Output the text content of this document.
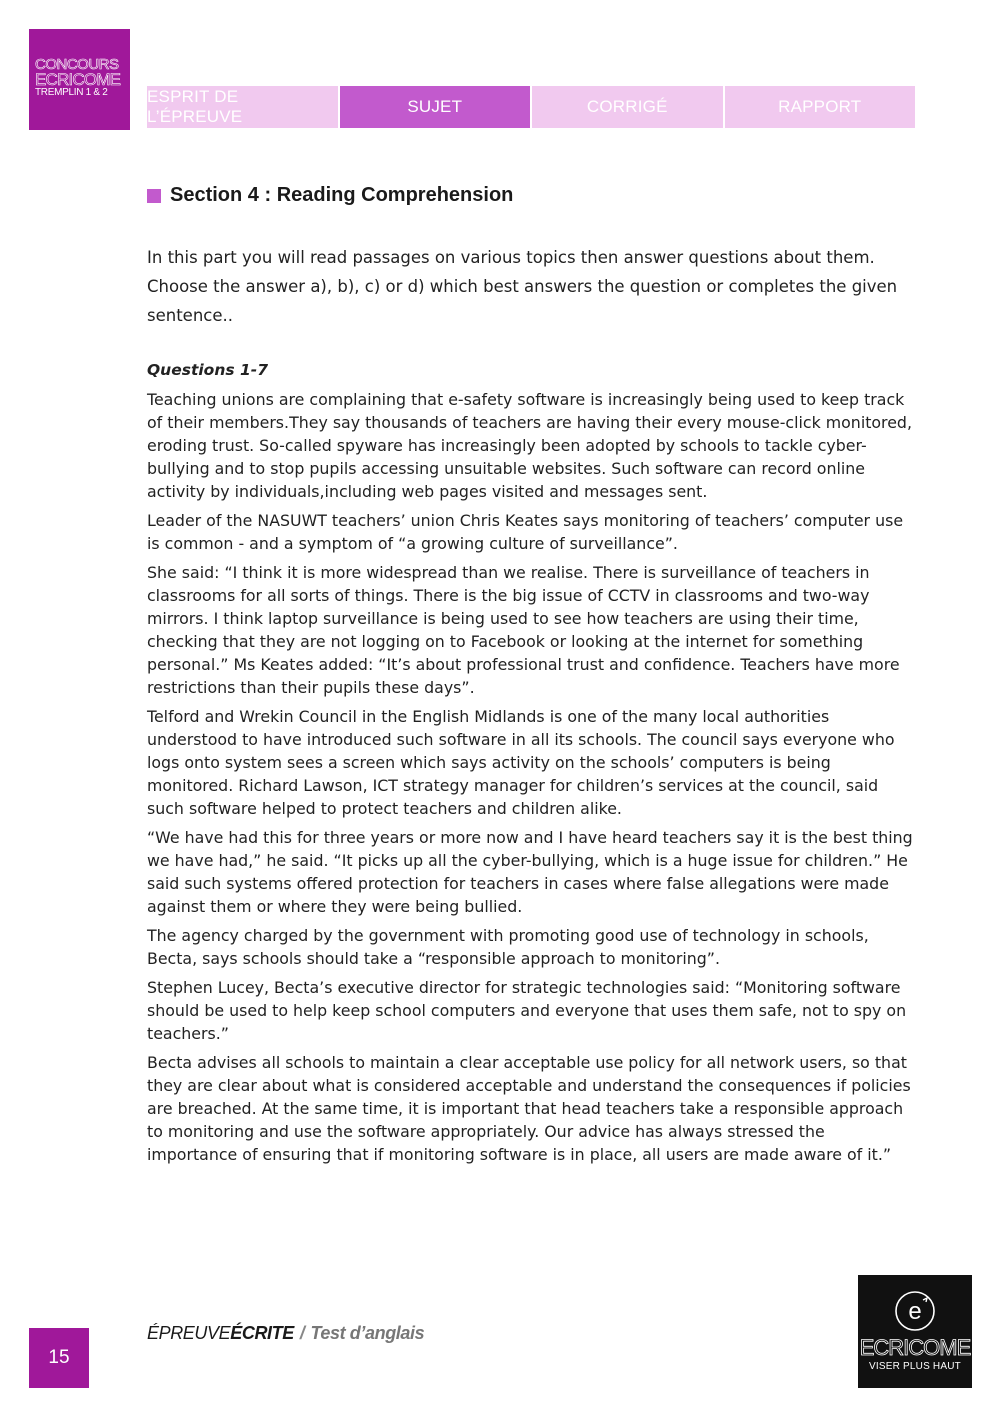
CONCOURS
ECRICOME
TREMPLIN 1 & 2	ESPRIT DE L’ÉPREUVE
SUJET	CORRIGÉ	RAPPORT
Section 4 : Reading Comprehension

In this part you will read passages on various topics then answer questions about them.

Choose the answer a), b), c) or d) which best answers the question or completes the given sentence..

Questions 1-7

Teaching unions are complaining that e-safety software is increasingly being used to keep track of their members.They say thousands of teachers are having their every mouse-click monitored, eroding trust. So-called spyware has increasingly been adopted by schools to tackle cyber-bullying and to stop pupils accessing unsuitable websites. Such software can record online activity by individuals,including web pages visited and messages sent.

Leader of the NASUWT teachers’ union Chris Keates says monitoring of teachers’ computer use is common - and a symptom of “a growing culture of surveillance”.

She said: “I think it is more widespread than we realise. There is surveillance of teachers in classrooms for all sorts of things. There is the big issue of CCTV in classrooms and two-way mirrors. I think laptop surveillance is being used to see how teachers are using their time, checking that they are not logging on to Facebook or looking at the internet for something personal.” Ms Keates added: “It’s about professional trust and confidence. Teachers have more restrictions than their pupils these days”.

Telford and Wrekin Council in the English Midlands is one of the many local authorities understood to have introduced such software in all its schools. The council says everyone who logs onto system sees a screen which says activity on the schools’ computers is being monitored. Richard Lawson, ICT strategy manager for children’s services at the council, said such software helped to protect teachers and children alike.

“We have had this for three years or more now and I have heard teachers say it is the best thing we have had,” he said. “It picks up all the cyber-bullying, which is a huge issue for children.” He said such systems offered protection for teachers in cases where false allegations were made against them or where they were being bullied.

The agency charged by the government with promoting good use of technology in schools, Becta, says schools should take a “responsible approach to monitoring”.

Stephen Lucey, Becta’s executive director for strategic technologies said: “Monitoring software should be used to help keep school computers and everyone that uses them safe, not to spy on teachers.”

Becta advises all schools to maintain a clear acceptable use policy for all network users, so that they are clear about what is considered acceptable and understand the consequences if policies are breached. At the same time, it is important that head teachers take a responsible approach to monitoring and use the software appropriately. Our advice has always stressed the importance of ensuring that if monitoring software is in place, all users are made aware of it.”

15
ÉPREUVEÉCRITE / Test d’anglais
e
ECRICOME
VISER PLUS HAUT
